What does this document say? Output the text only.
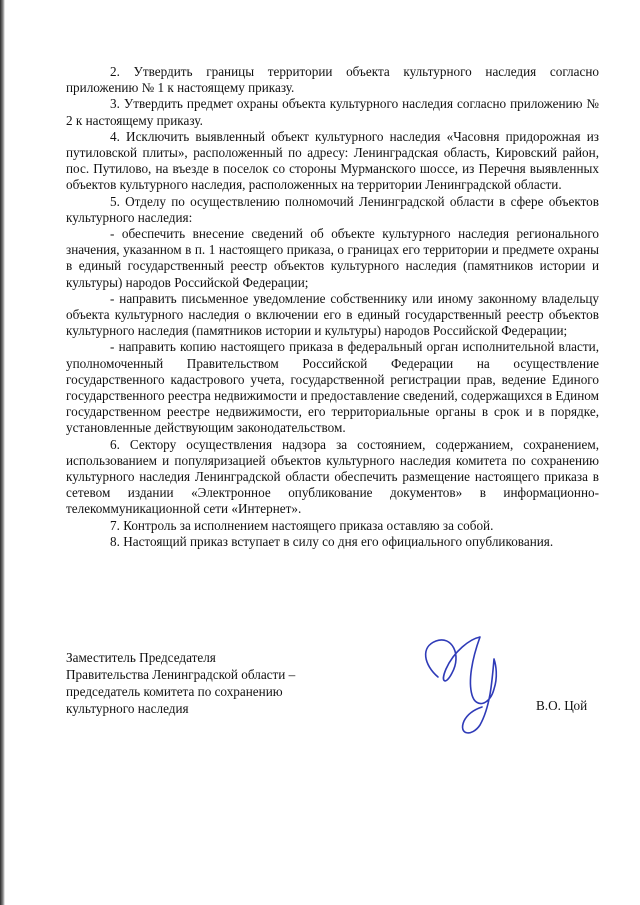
2. Утвердить границы территории объекта культурного наследия согласно приложению № 1 к настоящему приказу.

3. Утвердить предмет охраны объекта культурного наследия согласно приложению № 2 к настоящему приказу.

4. Исключить выявленный объект культурного наследия «Часовня придорожная из путиловской плиты», расположенный по адресу: Ленинградская область, Кировский район, пос. Путилово, на въезде в поселок со стороны Мурманского шоссе, из Перечня выявленных объектов культурного наследия, расположенных на территории Ленинградской области.

5. Отделу по осуществлению полномочий Ленинградской области в сфере объектов культурного наследия:

- обеспечить внесение сведений об объекте культурного наследия регионального значения, указанном в п. 1 настоящего приказа, о границах его территории и предмете охраны в единый государственный реестр объектов культурного наследия (памятников истории и культуры) народов Российской Федерации;

- направить письменное уведомление собственнику или иному законному владельцу объекта культурного наследия о включении его в единый государственный реестр объектов культурного наследия (памятников истории и культуры) народов Российской Федерации;

- направить копию настоящего приказа в федеральный орган исполнительной власти, уполномоченный Правительством Российской Федерации на осуществление государственного кадастрового учета, государственной регистрации прав, ведение Единого государственного реестра недвижимости и предоставление сведений, содержащихся в Едином государственном реестре недвижимости, его территориальные органы в срок и в порядке, установленные действующим законодательством.

6. Сектору осуществления надзора за состоянием, содержанием, сохранением, использованием и популяризацией объектов культурного наследия комитета по сохранению культурного наследия Ленинградской области обеспечить размещение настоящего приказа в сетевом издании «Электронное опубликование документов» в информационно-телекоммуникационной сети «Интернет».

7. Контроль за исполнением настоящего приказа оставляю за собой.

8. Настоящий приказ вступает в силу со дня его официального опубликования.

Заместитель Председателя
Правительства Ленинградской области –
председатель комитета по сохранению
культурного наследия	В.О. Цой
